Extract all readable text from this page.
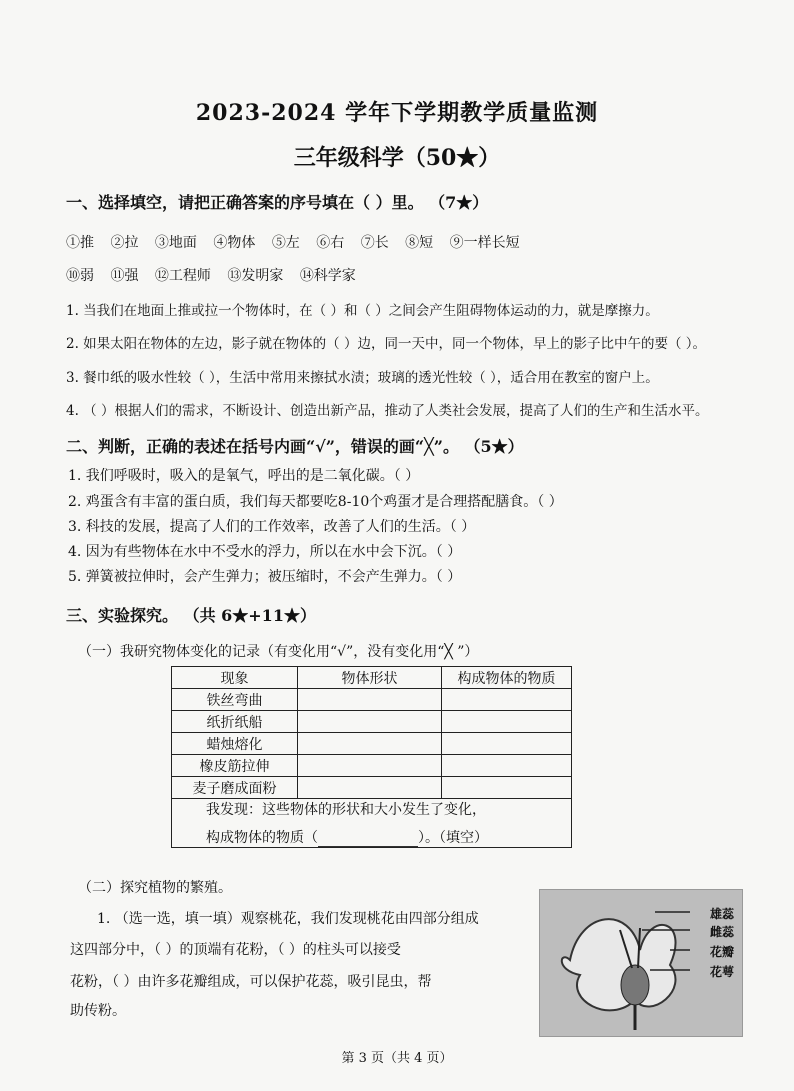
2023-2024 学年下学期教学质量监测
三年级科学（50★）
一、选择填空，请把正确答案的序号填在（ ）里。 （7★）
①推 ②拉 ③地面 ④物体 ⑤左 ⑥右 ⑦长 ⑧短 ⑨一样长短
⑩弱 ⑪强 ⑫工程师 ⑬发明家 ⑭科学家
1. 当我们在地面上推或拉一个物体时，在（ ）和（ ）之间会产生阻碍物体运动的力，就是摩擦力。
2. 如果太阳在物体的左边，影子就在物体的（ ）边，同一天中，同一个物体，早上的影子比中午的要（ ）。
3. 餐巾纸的吸水性较（ ），生活中常用来擦拭水渍；玻璃的透光性较（ ），适合用在教室的窗户上。
4. （ ）根据人们的需求，不断设计、创造出新产品，推动了人类社会发展，提高了人们的生产和生活水平。
二、判断，正确的表述在括号内画“√”，错误的画“╳”。 （5★）
1. 我们呼吸时，吸入的是氧气，呼出的是二氧化碳。（ ）
2. 鸡蛋含有丰富的蛋白质，我们每天都要吃8-10个鸡蛋才是合理搭配膳食。（ ）
3. 科技的发展，提高了人们的工作效率，改善了人们的生活。（ ）
4. 因为有些物体在水中不受水的浮力，所以在水中会下沉。（ ）
5. 弹簧被拉伸时，会产生弹力；被压缩时，不会产生弹力。（ ）
三、实验探究。 （共 6★+11★）
（一）我研究物体变化的记录（有变化用“√”，没有变化用“╳ ”）
现象	物体形状	构成物体的物质
铁丝弯曲		
纸折纸船		
蜡烛熔化		
橡皮筋拉伸		
麦子磨成面粉		

我发现：这些物体的形状和大小发生了变化，
构成物体的物质（ ）。（填空）		
（二）探究植物的繁殖。
1. （选一选，填一填）观察桃花，我们发现桃花由四部分组成
这四部分中，（ ）的顶端有花粉，（ ）的柱头可以接受
花粉，（ ）由许多花瓣组成，可以保护花蕊，吸引昆虫，帮
助传粉。
雄蕊
雌蕊
花瓣
花萼
第 3 页（共 4 页）
